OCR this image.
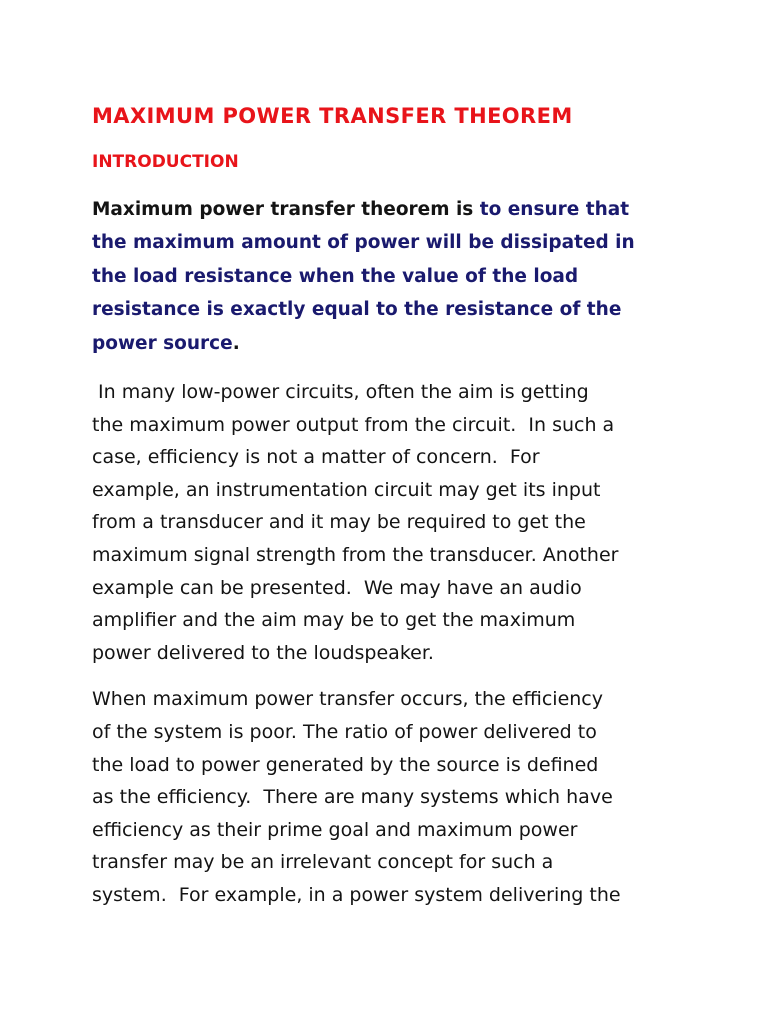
MAXIMUM POWER TRANSFER THEOREM
INTRODUCTION

Maximum power transfer theorem is to ensure that
the maximum amount of power will be dissipated in
the load resistance when the value of the load
resistance is exactly equal to the resistance of the
power source.

In many low-power circuits, often the aim is getting
the maximum power output from the circuit.  In such a
case, efficiency is not a matter of concern.  For
example, an instrumentation circuit may get its input
from a transducer and it may be required to get the
maximum signal strength from the transducer. Another
example can be presented.  We may have an audio
amplifier and the aim may be to get the maximum
power delivered to the loudspeaker.

When maximum power transfer occurs, the efficiency
of the system is poor. The ratio of power delivered to
the load to power generated by the source is defined
as the efficiency.  There are many systems which have
efficiency as their prime goal and maximum power
transfer may be an irrelevant concept for such a
system.  For example, in a power system delivering the
